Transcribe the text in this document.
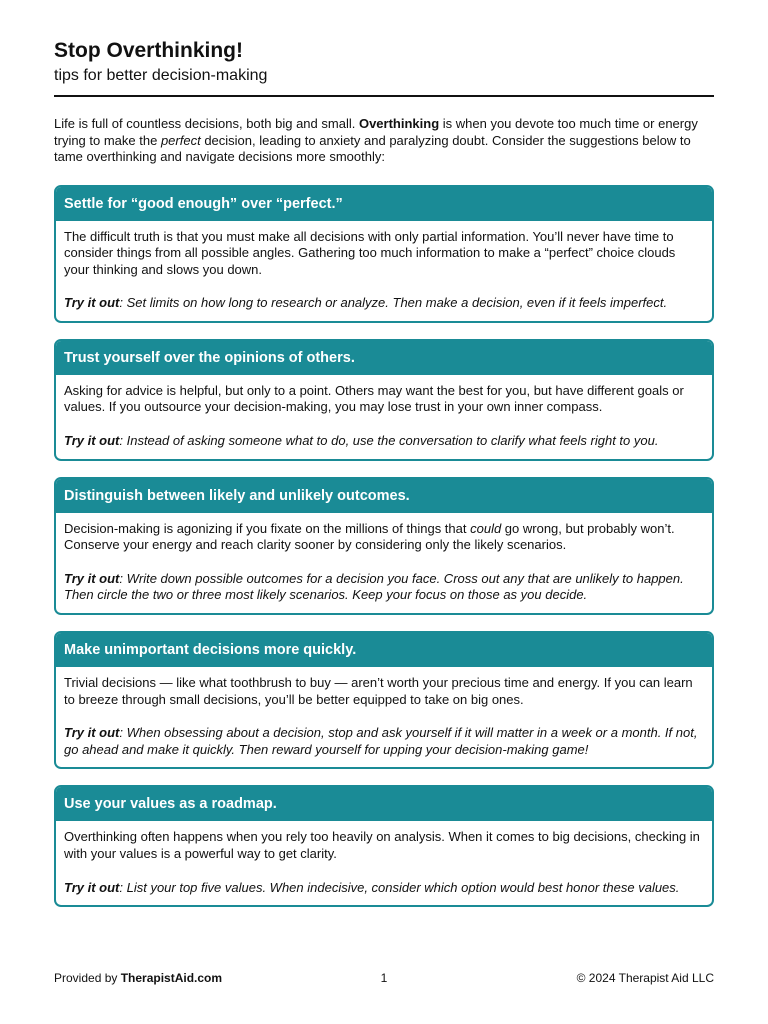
Stop Overthinking!
tips for better decision-making
Life is full of countless decisions, both big and small. Overthinking is when you devote too much time or energy trying to make the perfect decision, leading to anxiety and paralyzing doubt. Consider the suggestions below to tame overthinking and navigate decisions more smoothly:
Settle for “good enough” over “perfect.”

The difficult truth is that you must make all decisions with only partial information. You’ll never have time to consider things from all possible angles. Gathering too much information to make a “perfect” choice clouds your thinking and slows you down.

Try it out: Set limits on how long to research or analyze. Then make a decision, even if it feels imperfect.

Trust yourself over the opinions of others.

Asking for advice is helpful, but only to a point. Others may want the best for you, but have different goals or values. If you outsource your decision-making, you may lose trust in your own inner compass.

Try it out: Instead of asking someone what to do, use the conversation to clarify what feels right to you.

Distinguish between likely and unlikely outcomes.

Decision-making is agonizing if you fixate on the millions of things that could go wrong, but probably won’t. Conserve your energy and reach clarity sooner by considering only the likely scenarios.

Try it out: Write down possible outcomes for a decision you face. Cross out any that are unlikely to happen. Then circle the two or three most likely scenarios. Keep your focus on those as you decide.

Make unimportant decisions more quickly.

Trivial decisions — like what toothbrush to buy — aren’t worth your precious time and energy. If you can learn to breeze through small decisions, you’ll be better equipped to take on big ones.

Try it out: When obsessing about a decision, stop and ask yourself if it will matter in a week or a month. If not, go ahead and make it quickly. Then reward yourself for upping your decision-making game!

Use your values as a roadmap.

Overthinking often happens when you rely too heavily on analysis. When it comes to big decisions, checking in with your values is a powerful way to get clarity.

Try it out: List your top five values. When indecisive, consider which option would best honor these values.

Provided by TherapistAid.com	1	© 2024 Therapist Aid LLC
